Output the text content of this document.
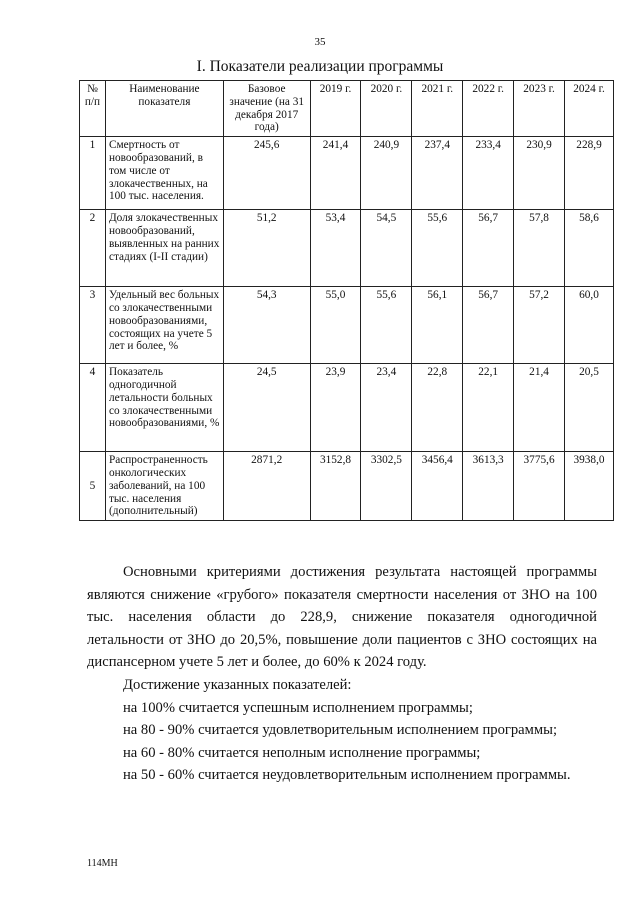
35
I. Показатели реализации программы
№ п/п	Наименование показателя	Базовое значение (на 31 декабря 2017 года)	2019 г.	2020 г.	2021 г.	2022 г.	2023 г.	2024 г.
1	Смертность от новообразований, в том числе от злокачественных, на 100 тыс. населения.	245,6	241,4	240,9	237,4	233,4	230,9	228,9
2	Доля злокачественных новообразований, выявленных на ранних стадиях (I-II стадии)	51,2	53,4	54,5	55,6	56,7	57,8	58,6
3	Удельный вес больных со злокачественными новообразованиями, состоящих на учете 5 лет и более, %	54,3	55,0	55,6	56,1	56,7	57,2	60,0
4	Показатель одногодичной летальности больных со злокачественными новообразованиями, %	24,5	23,9	23,4	22,8	22,1	21,4	20,5
5	Распространенность онкологических заболеваний, на 100 тыс. населения (дополнительный)	2871,2	3152,8	3302,5	3456,4	3613,3	3775,6	3938,0

Основными критериями достижения результата настоящей программы являются снижение «грубого» показателя смертности населения от ЗНО на 100 тыс. населения области до 228,9, снижение показателя одногодичной летальности от ЗНО до 20,5%, повышение доли пациентов с ЗНО состоящих на диспансерном учете 5 лет и более, до 60% к 2024 году.

Достижение указанных показателей:

на 100% считается успешным исполнением программы;

на 80 - 90% считается удовлетворительным исполнением программы;

на 60 - 80% считается неполным исполнение программы;

на 50 - 60% считается неудовлетворительным исполнением программы.

114МН
